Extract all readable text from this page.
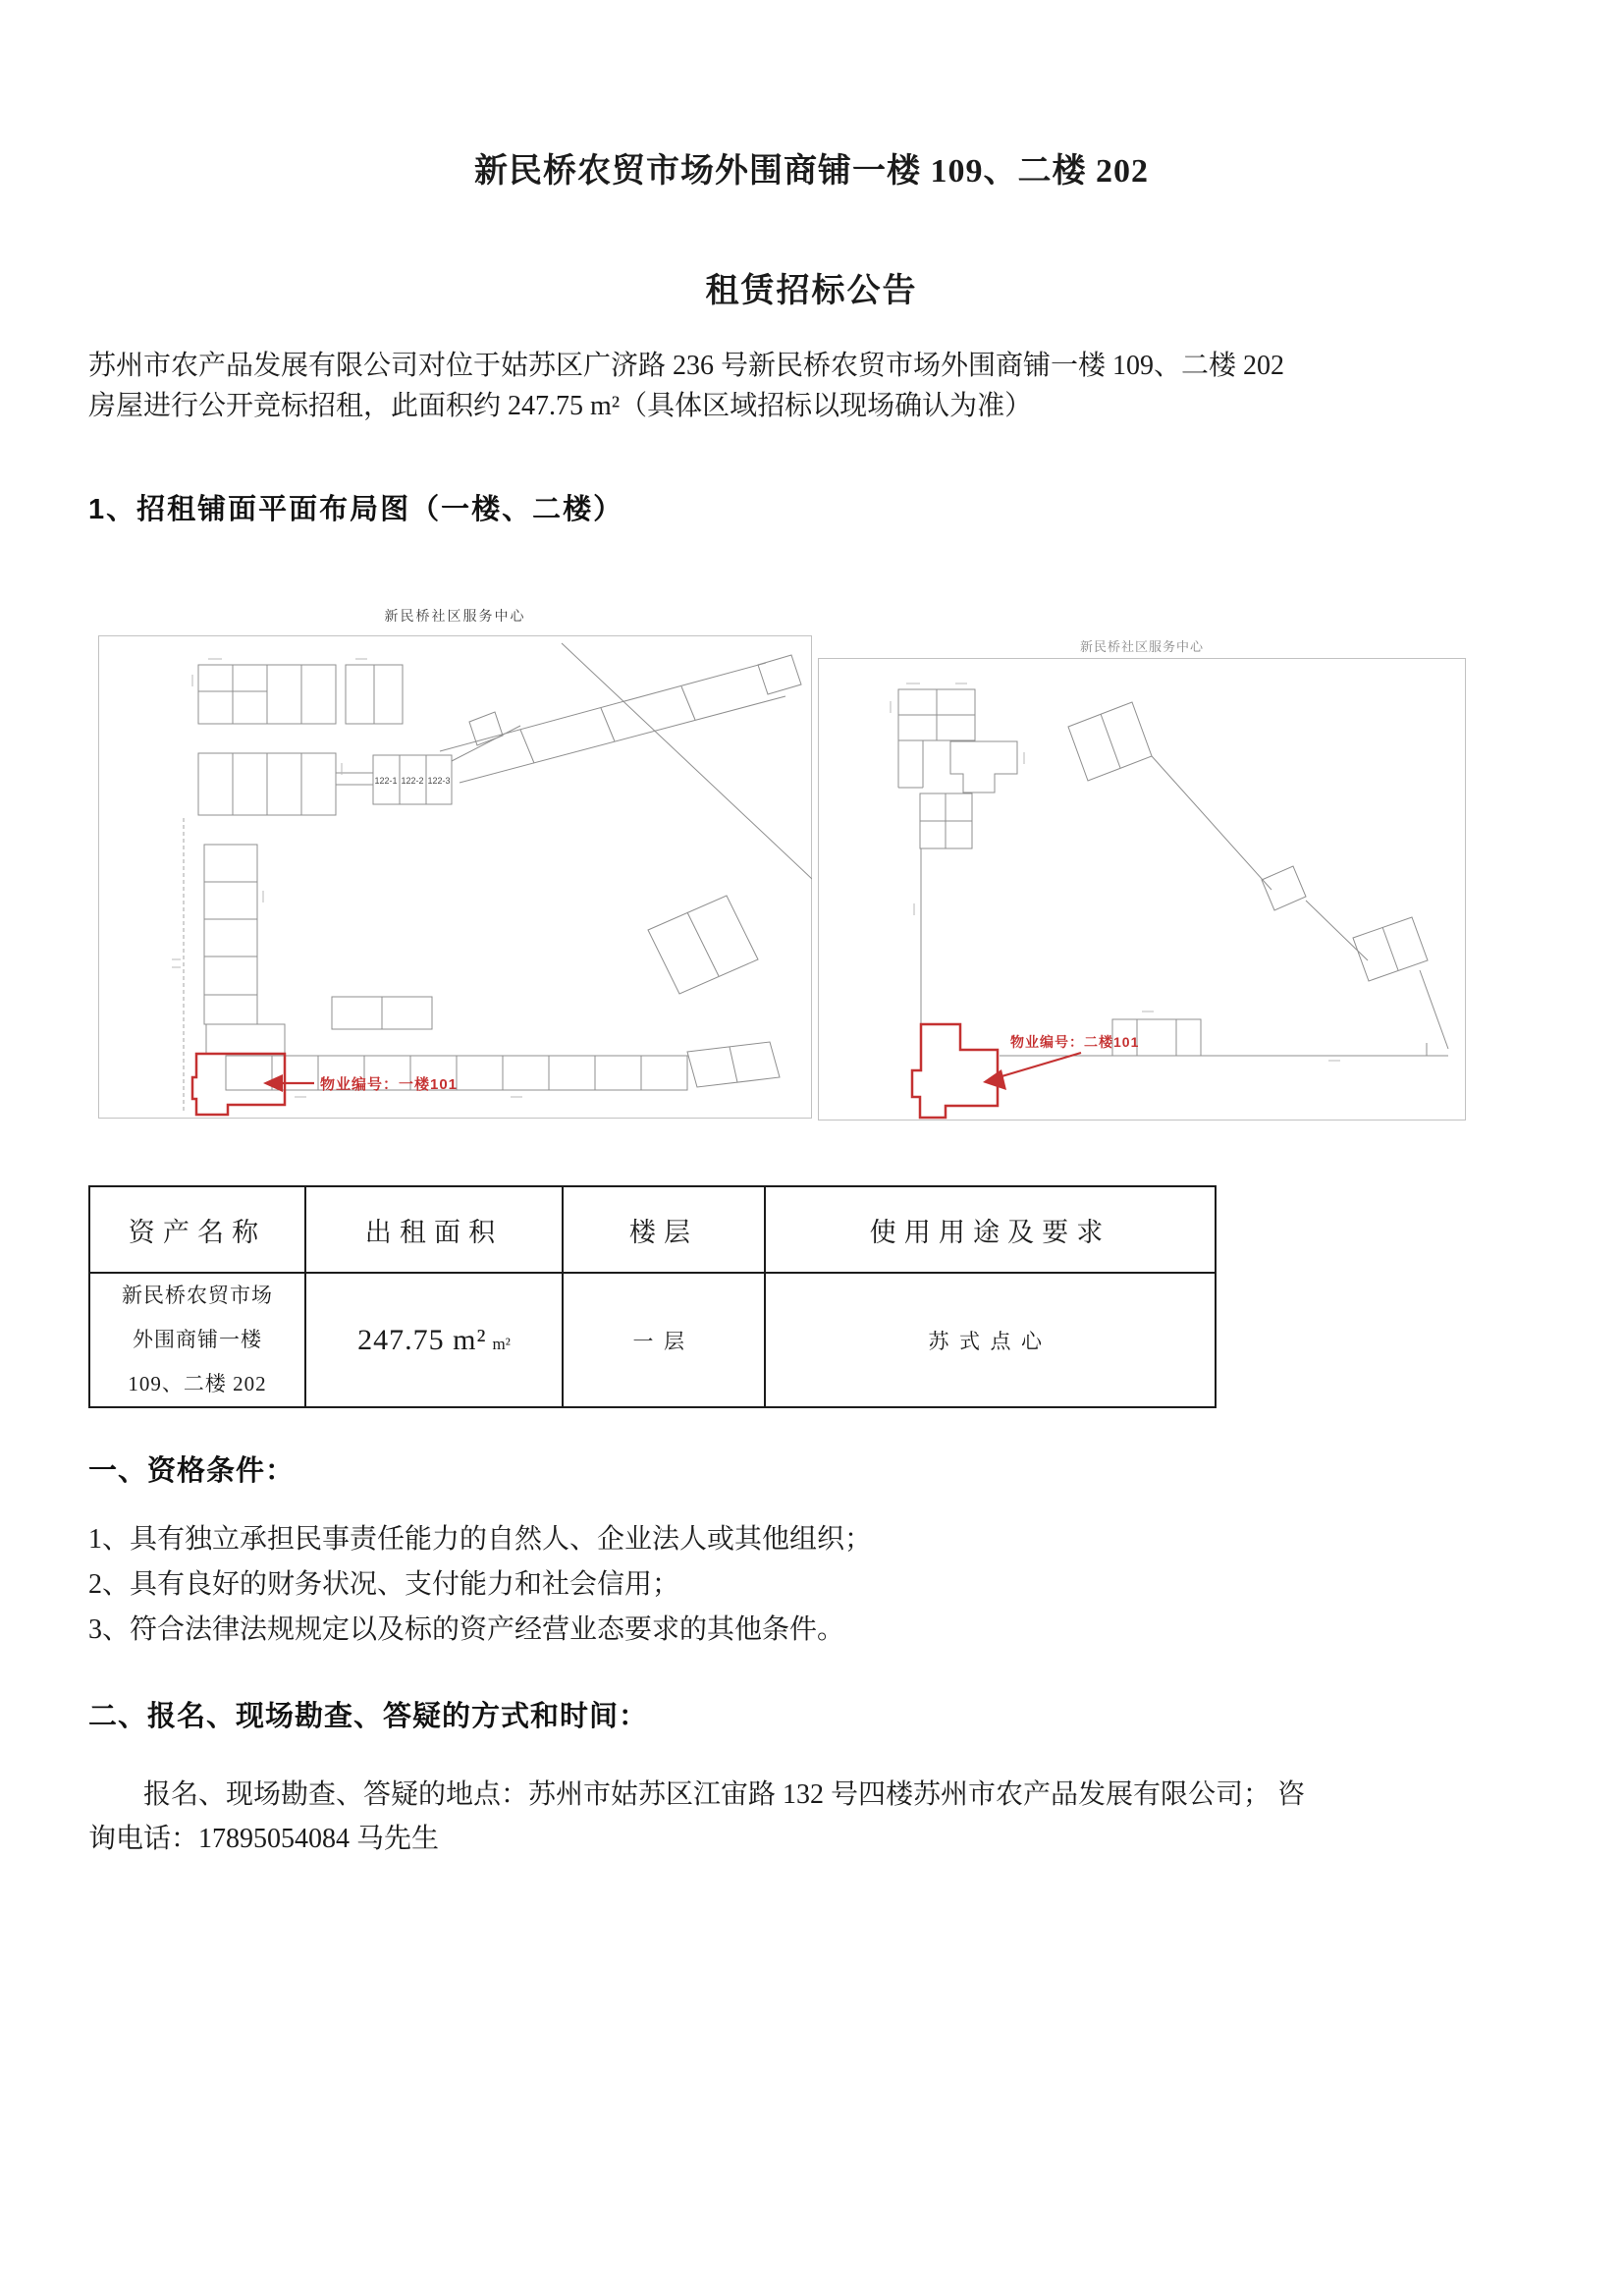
新民桥农贸市场外围商铺一楼 109、二楼 202
租赁招标公告
苏州市农产品发展有限公司对位于姑苏区广济路 236 号新民桥农贸市场外围商铺一楼 109、二楼 202
房屋进行公开竞标招租，此面积约 247.75 m²（具体区域招标以现场确认为准）
1、招租铺面平面布局图（一楼、二楼）
新民桥社区服务中心
122-1 122-2 122-3
物业编号：一楼101
新民桥社区服务中心
物业编号：二楼101
资产名称	出租面积	楼层	使用用途及要求

新民桥农贸市场
外围商铺一楼
109、二楼 202	247.75 m² m²	一层	苏式点心
一、资格条件：
1、具有独立承担民事责任能力的自然人、企业法人或其他组织；
2、具有良好的财务状况、支付能力和社会信用；
3、符合法律法规规定以及标的资产经营业态要求的其他条件。
二、报名、现场勘查、答疑的方式和时间：
报名、现场勘查、答疑的地点：苏州市姑苏区江宙路 132 号四楼苏州市农产品发展有限公司； 咨
询电话：17895054084 马先生
